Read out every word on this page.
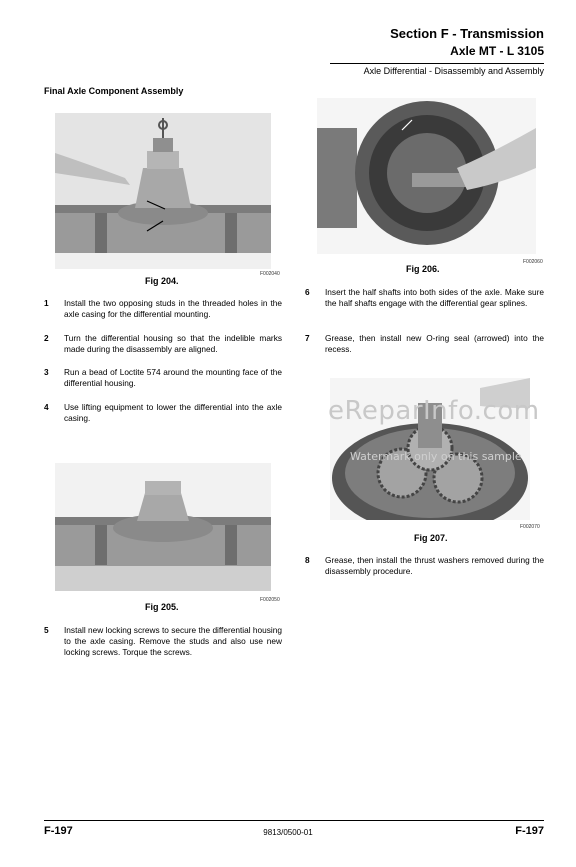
Section F - Transmission
Axle MT - L 3105
Axle Differential - Disassembly and Assembly
Final Axle Component Assembly
Fig 204.
F002040
1	Install the two opposing studs in the threaded holes in the axle casing for the differential mounting.
2	Turn the differential housing so that the indelible marks made during the disassembly are aligned.
3	Run a bead of Loctite 574 around the mounting face of the differential housing.
4	Use lifting equipment to lower the differential into the axle casing.
Fig 205.
F002050
5	Install new locking screws to secure the differential housing to the axle casing. Remove the studs and also use new locking screws. Torque the screws.
Fig 206.
F002060
6	Insert the half shafts into both sides of the axle. Make sure the half shafts engage with the differential gear splines.
7	Grease, then install new O-ring seal (arrowed) into the recess.
eReparInfo.com
Watermark only on this sample
Fig 207.
F002070
8	Grease, then install the thrust washers removed during the disassembly procedure.
F-197	9813/0500-01	F-197
